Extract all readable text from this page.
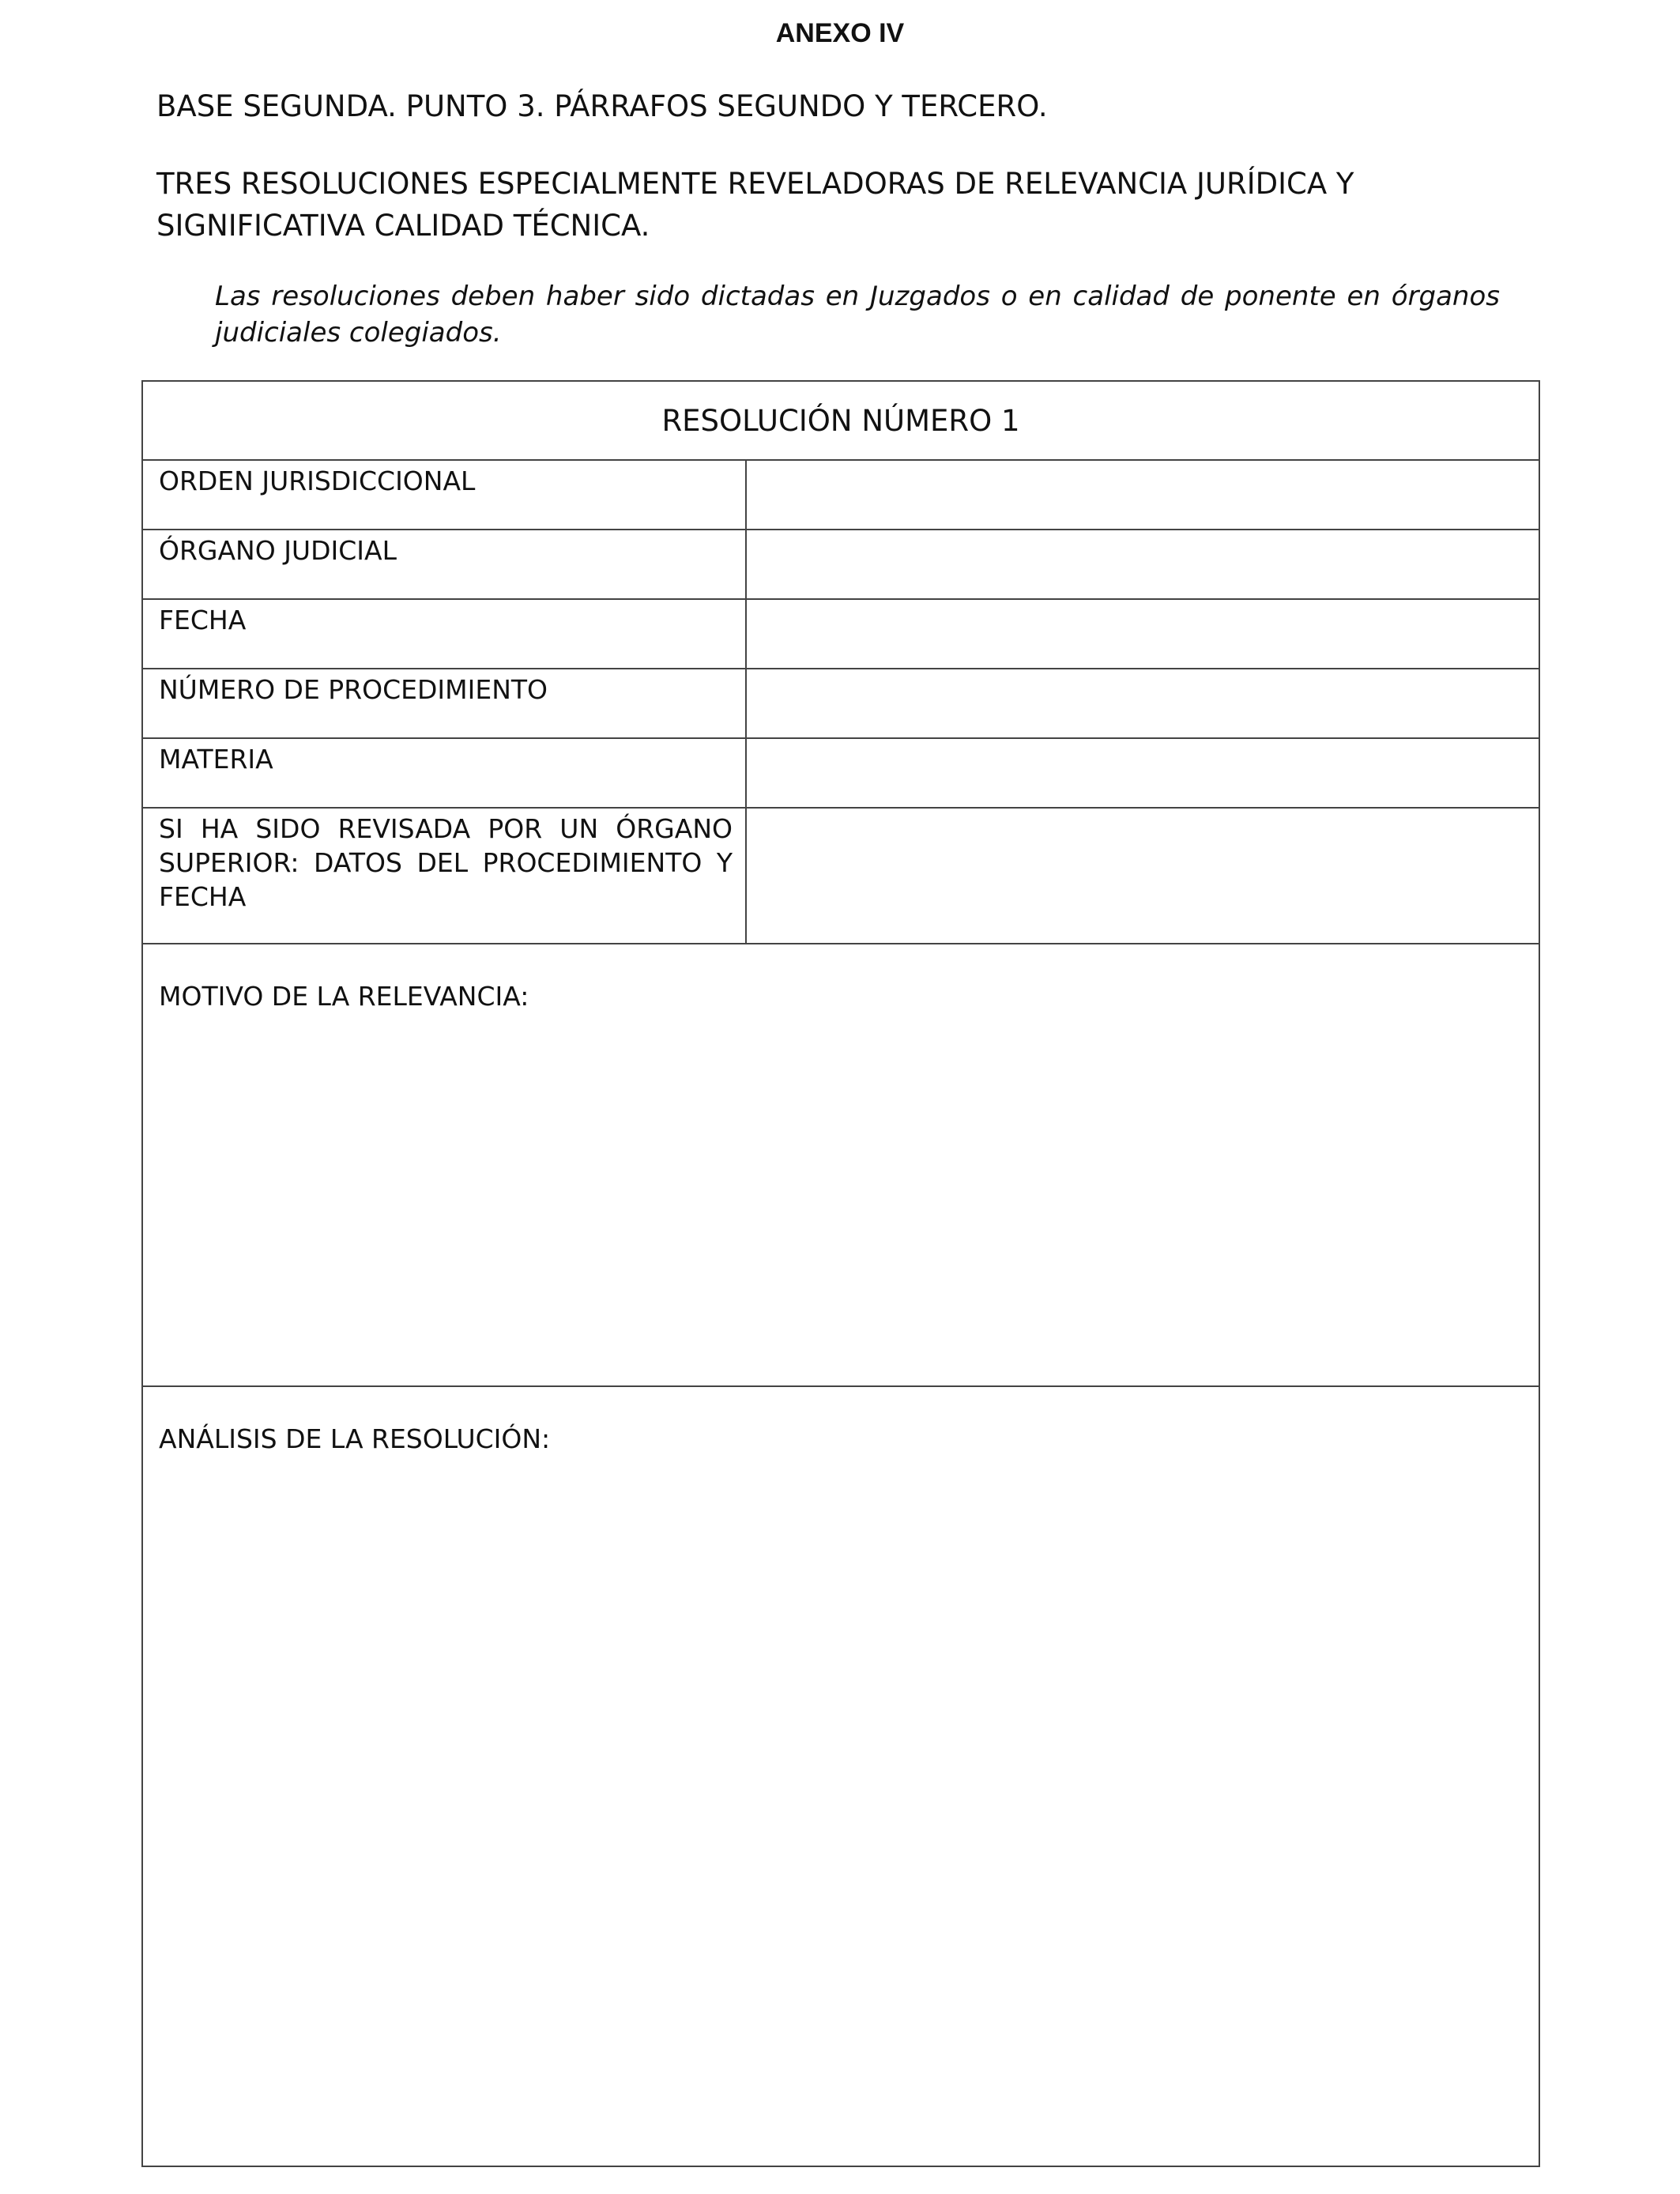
ANEXO IV
BASE SEGUNDA. PUNTO 3. PÁRRAFOS SEGUNDO Y TERCERO.
TRES RESOLUCIONES ESPECIALMENTE REVELADORAS DE RELEVANCIA JURÍDICA Y SIGNIFICATIVA CALIDAD TÉCNICA.
Las resoluciones deben haber sido dictadas en Juzgados o en calidad de ponente en órganos judiciales colegiados.
RESOLUCIÓN NÚMERO 1
ORDEN JURISDICCIONAL
ÓRGANO JUDICIAL
FECHA
NÚMERO DE PROCEDIMIENTO
MATERIA
SI HA SIDO REVISADA POR UN ÓRGANO SUPERIOR: DATOS DEL PROCEDIMIENTO Y FECHA
MOTIVO DE LA RELEVANCIA:
ANÁLISIS DE LA RESOLUCIÓN:
